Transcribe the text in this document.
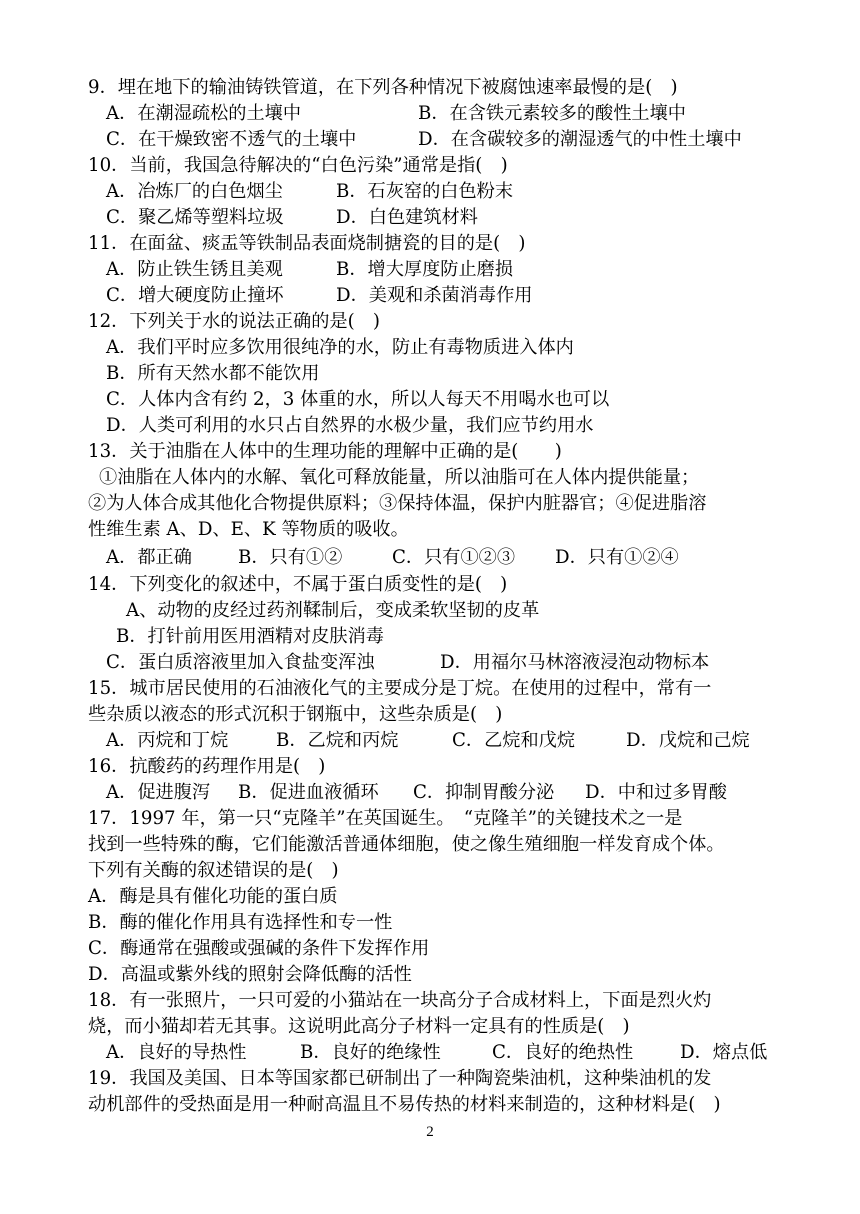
9．埋在地下的输油铸铁管道，在下列各种情况下被腐蚀速率最慢的是(　)
A．在潮湿疏松的土壤中	B．在含铁元素较多的酸性土壤中
C．在干燥致密不透气的土壤中	D．在含碳较多的潮湿透气的中性土壤中
10．当前，我国急待解决的“白色污染”通常是指(　)
A．冶炼厂的白色烟尘	B．石灰窑的白色粉末
C．聚乙烯等塑料垃圾	D．白色建筑材料
11．在面盆、痰盂等铁制品表面烧制搪瓷的目的是(　)
A．防止铁生锈且美观	B．增大厚度防止磨损
C．增大硬度防止撞坏	D．美观和杀菌消毒作用
12．下列关于水的说法正确的是(　)
A．我们平时应多饮用很纯净的水，防止有毒物质进入体内
B．所有天然水都不能饮用
C．人体内含有约 2，3 体重的水，所以人每天不用喝水也可以
D．人类可利用的水只占自然界的水极少量，我们应节约用水
13．关于油脂在人体中的生理功能的理解中正确的是(　　)
①油脂在人体内的水解、氧化可释放能量，所以油脂可在人体内提供能量；
②为人体合成其他化合物提供原料；③保持体温，保护内脏器官；④促进脂溶
性维生素 A、D、E、K 等物质的吸收。
A．都正确	B．只有①②	C．只有①②③ D．只有①②④
14．下列变化的叙述中，不属于蛋白质变性的是(　)
A、动物的皮经过药剂鞣制后，变成柔软坚韧的皮革
B．打针前用医用酒精对皮肤消毒
C．蛋白质溶液里加入食盐变浑浊	D．用福尔马林溶液浸泡动物标本
15．城市居民使用的石油液化气的主要成分是丁烷。在使用的过程中，常有一
些杂质以液态的形式沉积于钢瓶中，这些杂质是(　)
A．丙烷和丁烷	B．乙烷和丙烷	C．乙烷和戊烷	D．戊烷和己烷
16．抗酸药的药理作用是(　)
A．促进腹泻 B．促进血液循环 C．抑制胃酸分泌 D．中和过多胃酸
17．1997 年，第一只“克隆羊”在英国诞生。　“克隆羊”的关键技术之一是
找到一些特殊的酶，它们能激活普通体细胞，使之像生殖细胞一样发育成个体。
下列有关酶的叙述错误的是(　)
A．酶是具有催化功能的蛋白质
B．酶的催化作用具有选择性和专一性
C．酶通常在强酸或强碱的条件下发挥作用
D．高温或紫外线的照射会降低酶的活性
18．有一张照片，一只可爱的小猫站在一块高分子合成材料上，下面是烈火灼
烧，而小猫却若无其事。这说明此高分子材料一定具有的性质是(　)
A．良好的导热性	B．良好的绝缘性	C．良好的绝热性	D．熔点低
19．我国及美国、日本等国家都已研制出了一种陶瓷柴油机，这种柴油机的发
动机部件的受热面是用一种耐高温且不易传热的材料来制造的，这种材料是(　)
2
